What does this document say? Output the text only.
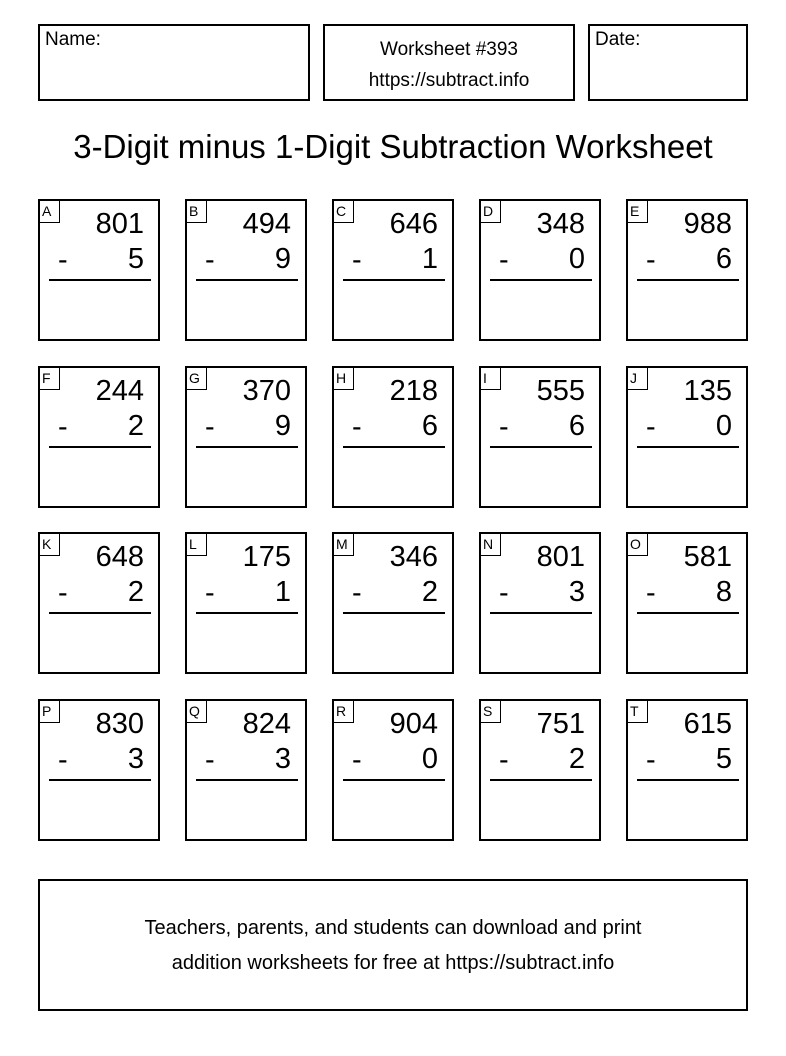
Name:	Worksheet #393
https://subtract.info
Date:
3-Digit minus 1-Digit Subtraction Worksheet
A 801
- 5
B 494
- 9
C 646
- 1
D 348
- 0
E 988
- 6
F	244
- 2
G 370
- 9
H 218
- 6
I	555
- 6
J	135
- 0
K 648
- 2
L	175
- 1
M 346
- 2
N 801
- 3
O 581
- 8
P 830
- 3
Q 824
- 3
R 904
- 0
S 751
- 2
T	615
- 5
Teachers, parents, and students can download and print
addition worksheets for free at https://subtract.info
